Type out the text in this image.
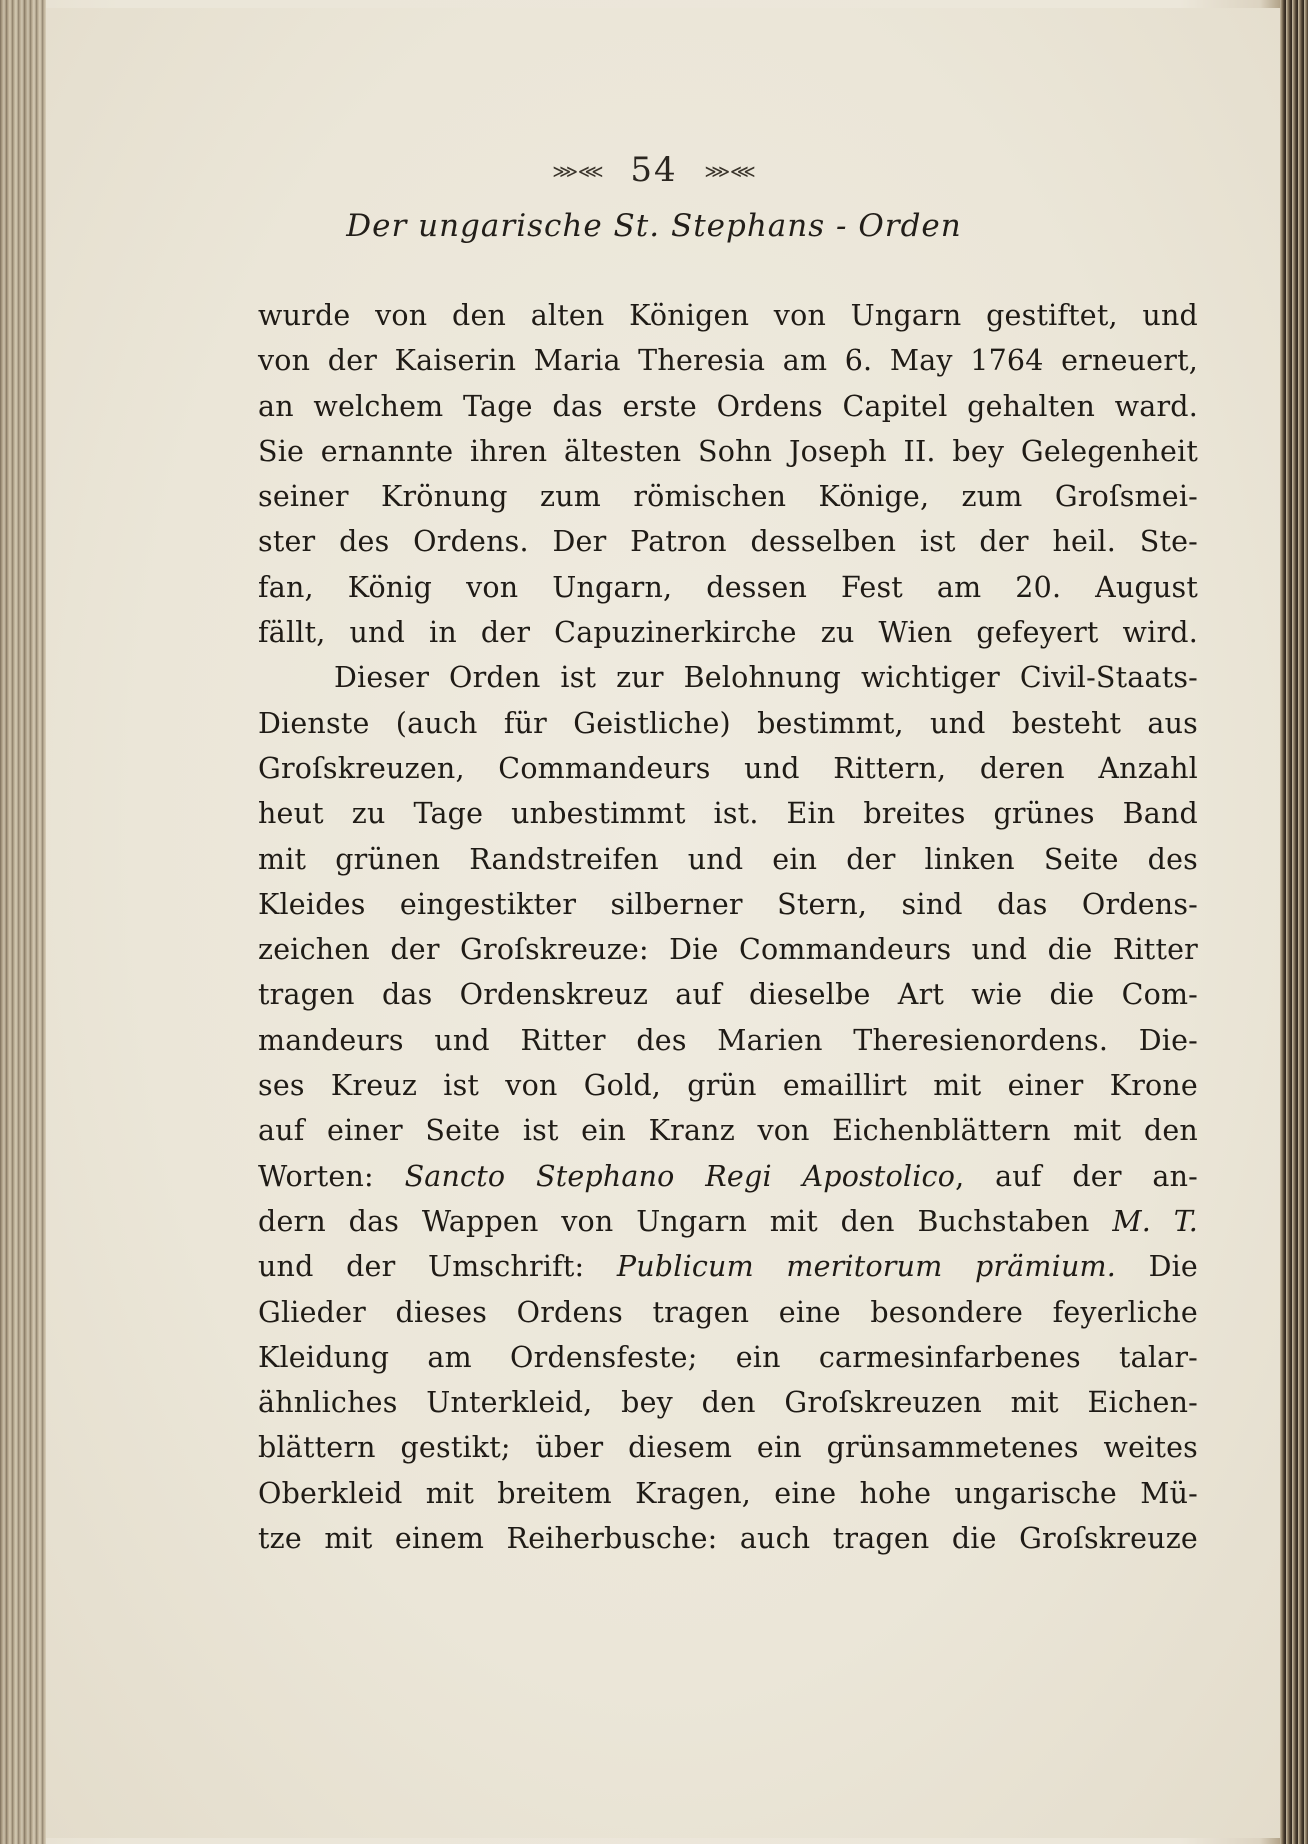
⋙⋘ 54 ⋙⋘
Der ungarische St. Stephans - Orden
wurde von den alten Königen von Ungarn gestiftet, und
von der Kaiserin Maria Theresia am 6. May 1764 erneuert,
an welchem Tage das erste Ordens Capitel gehalten ward.
Sie ernannte ihren ältesten Sohn Joseph II. bey Gelegenheit
seiner Krönung zum römischen Könige, zum Groſsmei-
ster des Ordens. Der Patron desselben ist der heil. Ste-
fan, König von Ungarn, dessen Fest am 20. August
fällt, und in der Capuzinerkirche zu Wien gefeyert wird.
Dieser Orden ist zur Belohnung wichtiger Civil-Staats-
Dienste (auch für Geistliche) bestimmt, und besteht aus
Groſskreuzen, Commandeurs und Rittern, deren Anzahl
heut zu Tage unbestimmt ist. Ein breites grünes Band
mit grünen Randstreifen und ein der linken Seite des
Kleides eingestikter silberner Stern, sind das Ordens-
zeichen der Groſskreuze: Die Commandeurs und die Ritter
tragen das Ordenskreuz auf dieselbe Art wie die Com-
mandeurs und Ritter des Marien Theresienordens. Die-
ses Kreuz ist von Gold, grün emaillirt mit einer Krone
auf einer Seite ist ein Kranz von Eichenblättern mit den
Worten: Sancto Stephano Regi Apostolico, auf der an-
dern das Wappen von Ungarn mit den Buchstaben M. T.
und der Umschrift: Publicum meritorum prämium. Die
Glieder dieses Ordens tragen eine besondere feyerliche
Kleidung am Ordensfeste; ein carmesinfarbenes talar-
ähnliches Unterkleid, bey den Groſskreuzen mit Eichen-
blättern gestikt; über diesem ein grünsammetenes weites
Oberkleid mit breitem Kragen, eine hohe ungarische Mü-
tze mit einem Reiherbusche: auch tragen die Groſskreuze
